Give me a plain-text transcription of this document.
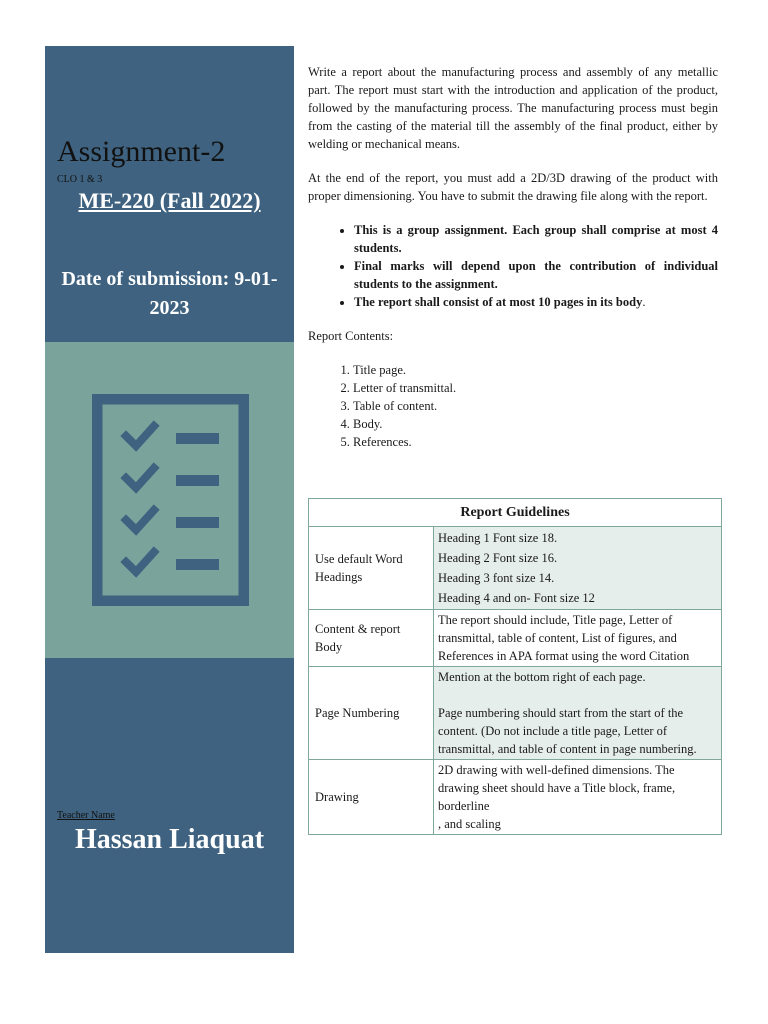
Assignment-2
CLO 1 & 3
ME-220 (Fall 2022)
Date of submission: 9-01-2023
Teacher Name
Hassan Liaquat

Write a report about the manufacturing process and assembly of any metallic part. The report must start with the introduction and application of the product, followed by the manufacturing process. The manufacturing process must begin from the casting of the material till the assembly of the final product, either by welding or mechanical means.

At the end of the report, you must add a 2D/3D drawing of the product with proper dimensioning. You have to submit the drawing file along with the report.

• This is a group assignment. Each group shall comprise at most 4 students.
• Final marks will depend upon the contribution of individual students to the assignment.
• The report shall consist of at most 10 pages in its body.

Report Contents:

1. Title page.
2. Letter of transmittal.
3. Table of content.
4. Body.
5. References.
Report Guidelines	
Use default Word Headings	Heading 1 Font size 18.
Heading 2 Font size 16.
Heading 3 font size 14.
Heading 4 and on- Font size 12

Content & report Body	The report should include, Title page, Letter of transmittal, table of content, List of figures, and References in APA format using the word Citation
Page Numbering	Mention at the bottom right of each page.
Page numbering should start from the start of the content. (Do not include a title page, Letter of transmittal, and table of content in page numbering.

Drawing	2D drawing with well-defined dimensions. The drawing sheet should have a Title block, frame, borderline
, and scaling
